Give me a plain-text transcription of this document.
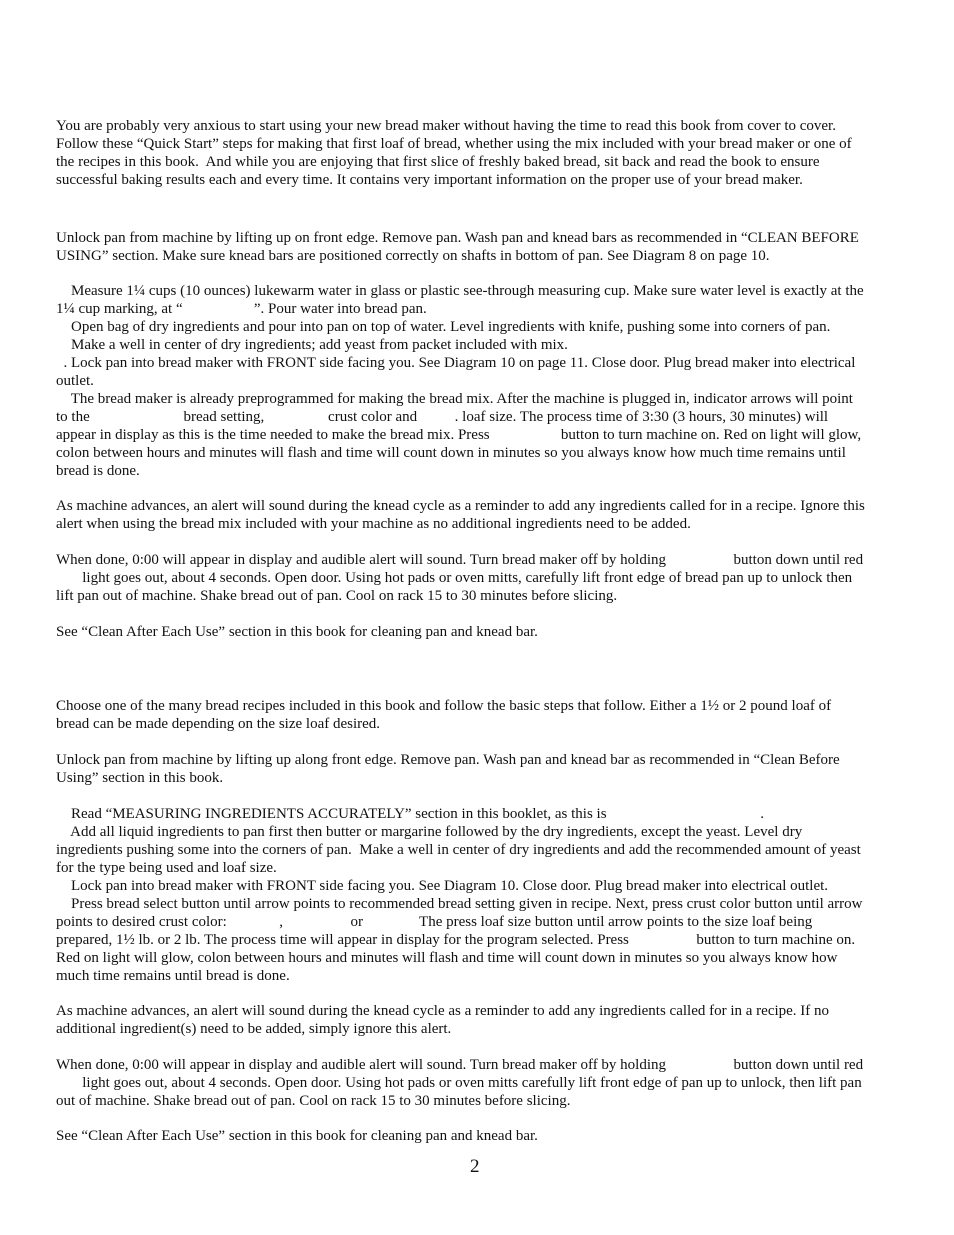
You are probably very anxious to start using your new bread maker without having the time to read this book from cover to cover.
Follow these “Quick Start” steps for making that first loaf of bread, whether using the mix included with your bread maker or one of
the recipes in this book.  And while you are enjoying that first slice of freshly baked bread, sit back and read the book to ensure
successful baking results each and every time. It contains very important information on the proper use of your bread maker.
Unlock pan from machine by lifting up on front edge. Remove pan. Wash pan and knead bars as recommended in “CLEAN BEFORE
USING” section. Make sure knead bars are positioned correctly on shafts in bottom of pan. See Diagram 8 on page 10.
Measure 1¼ cups (10 ounces) lukewarm water in glass or plastic see-through measuring cup. Make sure water level is exactly at the
1¼ cup marking, at “                   ”. Pour water into bread pan.
Open bag of dry ingredients and pour into pan on top of water. Level ingredients with knife, pushing some into corners of pan.
Make a well in center of dry ingredients; add yeast from packet included with mix.
. Lock pan into bread maker with FRONT side facing you. See Diagram 10 on page 11. Close door. Plug bread maker into electrical
outlet.
The bread maker is already preprogrammed for making the bread mix. After the machine is plugged in, indicator arrows will point
to the                         bread setting,                 crust color and          . loaf size. The process time of 3:30 (3 hours, 30 minutes) will
appear in display as this is the time needed to make the bread mix. Press                   button to turn machine on. Red on light will glow,
colon between hours and minutes will flash and time will count down in minutes so you always know how much time remains until
bread is done.
As machine advances, an alert will sound during the knead cycle as a reminder to add any ingredients called for in a recipe. Ignore this
alert when using the bread mix included with your machine as no additional ingredients need to be added.
When done, 0:00 will appear in display and audible alert will sound. Turn bread maker off by holding                  button down until red
light goes out, about 4 seconds. Open door. Using hot pads or oven mitts, carefully lift front edge of bread pan up to unlock then
lift pan out of machine. Shake bread out of pan. Cool on rack 15 to 30 minutes before slicing.
See “Clean After Each Use” section in this book for cleaning pan and knead bar.
Choose one of the many bread recipes included in this book and follow the basic steps that follow. Either a 1½ or 2 pound loaf of
bread can be made depending on the size loaf desired.
Unlock pan from machine by lifting up along front edge. Remove pan. Wash pan and knead bar as recommended in “Clean Before
Using” section in this book.
Read “MEASURING INGREDIENTS ACCURATELY” section in this booklet, as this is                                         .
Add all liquid ingredients to pan first then butter or margarine followed by the dry ingredients, except the yeast. Level dry
ingredients pushing some into the corners of pan.  Make a well in center of dry ingredients and add the recommended amount of yeast
for the type being used and loaf size.
Lock pan into bread maker with FRONT side facing you. See Diagram 10. Close door. Plug bread maker into electrical outlet.
Press bread select button until arrow points to recommended bread setting given in recipe. Next, press crust color button until arrow
points to desired crust color:              ,                  or               The press loaf size button until arrow points to the size loaf being
prepared, 1½ lb. or 2 lb. The process time will appear in display for the program selected. Press                  button to turn machine on.
Red on light will glow, colon between hours and minutes will flash and time will count down in minutes so you always know how
much time remains until bread is done.
As machine advances, an alert will sound during the knead cycle as a reminder to add any ingredients called for in a recipe. If no
additional ingredient(s) need to be added, simply ignore this alert.
When done, 0:00 will appear in display and audible alert will sound. Turn bread maker off by holding                  button down until red
light goes out, about 4 seconds. Open door. Using hot pads or oven mitts carefully lift front edge of pan up to unlock, then lift pan
out of machine. Shake bread out of pan. Cool on rack 15 to 30 minutes before slicing.
See “Clean After Each Use” section in this book for cleaning pan and knead bar.
2
